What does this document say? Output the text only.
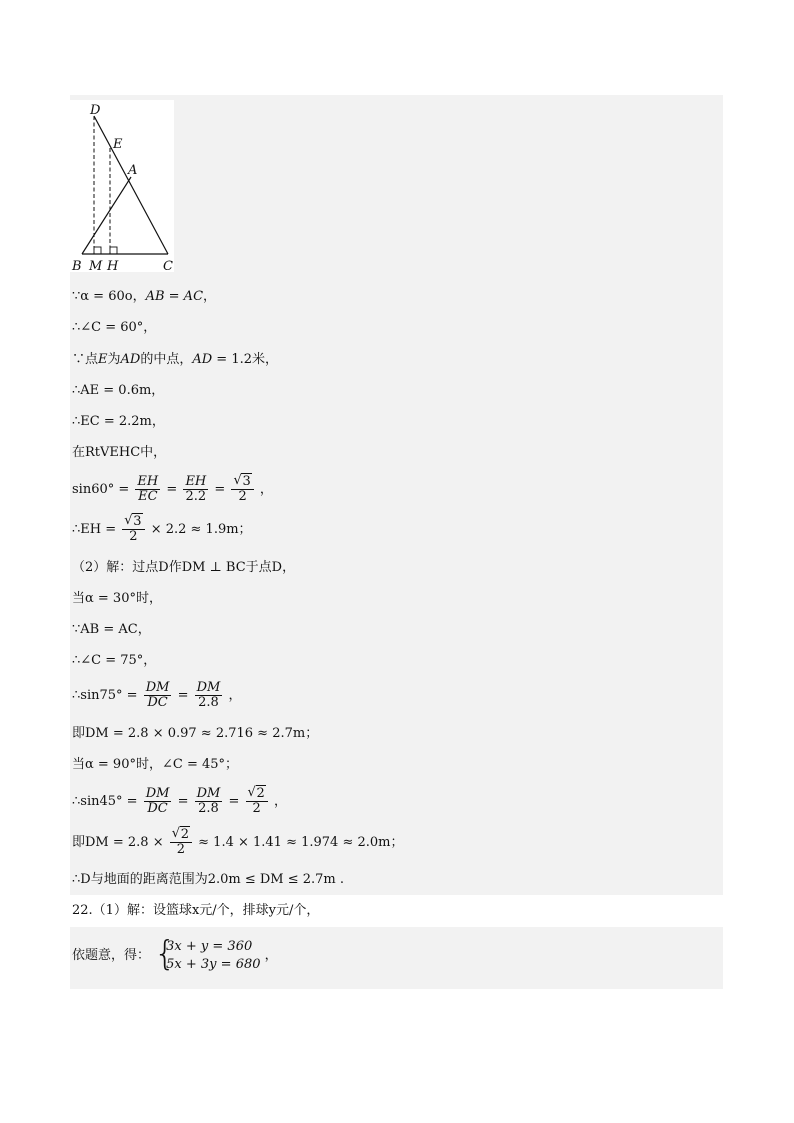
D
E
A
B M H	C
∵α = 60ο，AB = AC，
∴∠C = 60°，
∵点E为AD的中点，AD = 1.2米，
∴AE = 0.6m，
∴EC = 2.2m，
在RtVEHC中，
$\sin 60^\circ = \frac{EH}{EC} = \frac{EH}{2.2}$ = √ $\frac{3}{2}$ ，
∴EH = √ $\frac{3}{2} \times 2.2 \approx 1.9m$；
（2）解：过点D作DM ⊥ BC于点D，
当α = 30°时，
∵AB = AC，
∴∠C = 75°，
∴sin75° = $\frac{DM}{DC} = \frac{DM}{2.8}$ ，
即DM = 2.8 × 0.97 ≈ 2.716 ≈ 2.7m；
当α = 90°时，∠C = 45°；
∴sin45° = $\frac{DM}{DC} = \frac{DM}{2.8}$ = √ $\frac{2}{2}$ ，
即DM = 2.8 × √ $\frac{2}{2} \approx 1.4 \times 1.41 \approx 1.974 \approx 2.0m$；
∴D与地面的距离范围为2.0m ≤ DM ≤ 2.7m .
22.（1）解：设篮球x元/个，排球y元/个，
依题意，得： {
3x + y = 360
5x + 3y = 680
，
